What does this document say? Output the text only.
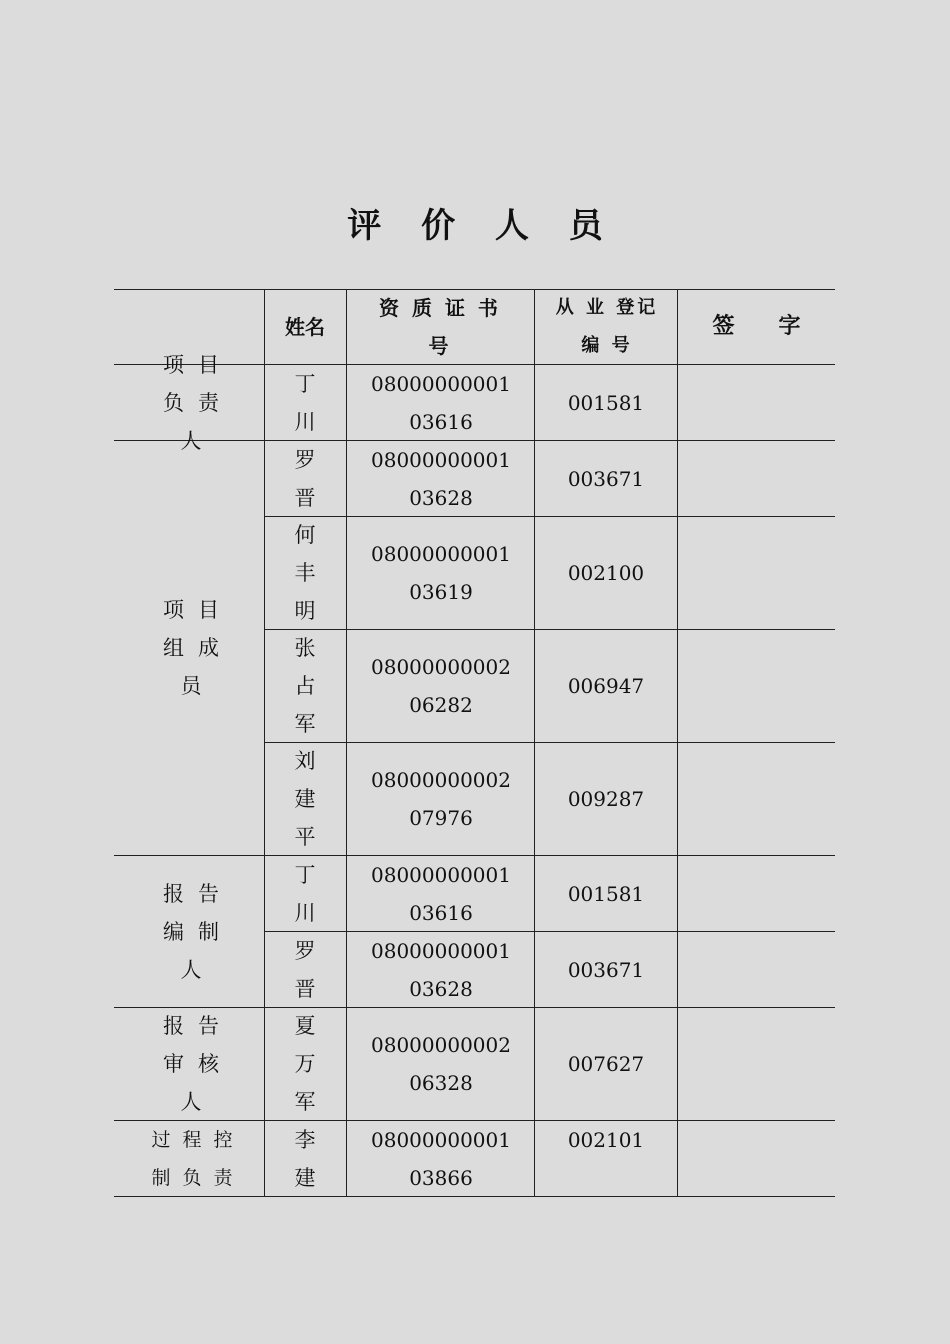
评 价 人 员
姓名
资 质 证 书号
从 业 登记 编 号
签　　字
项目负责人
项目组成员
报告编制人
报告审核人
过程控制负责
丁川
0800000000103616
001581
罗晋
0800000000103628
003671
何丰明
0800000000103619
002100
张占军
0800000000206282
006947
刘建平
0800000000207976
009287
丁川
0800000000103616
001581
罗晋
0800000000103628
003671
夏万军
0800000000206328
007627
李建
0800000000103866
002101
